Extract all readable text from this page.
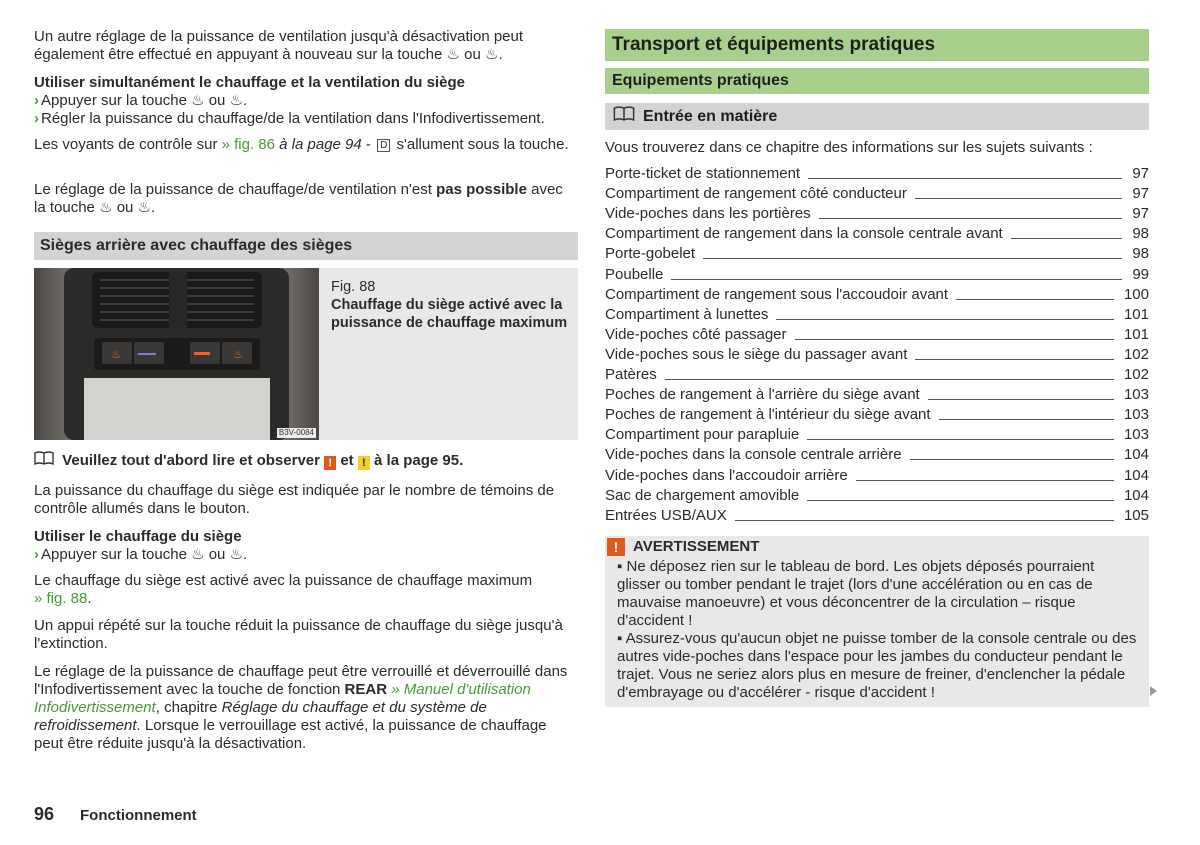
Un autre réglage de la puissance de ventilation jusqu'à désactivation peut également être effectué en appuyant à nouveau sur la touche ♨ ou ♨.

Utiliser simultanément le chauffage et la ventilation du siège

› Appuyer sur la touche ♨ ou ♨.

› Régler la puissance du chauffage/de la ventilation dans l'Infodivertissement.

Les voyants de contrôle sur » fig. 86 à la page 94 - D s'allument sous la touche.

Le réglage de la puissance de chauffage/de ventilation n'est pas possible avec la touche ♨ ou ♨.

Sièges arrière avec chauffage des sièges
♨	♨
Fig. 88
Chauffage du siège activé avec la puissance de chauffage maximum
B3V-0084

Veuillez tout d'abord lire et observer ! et ! à la page 95.

La puissance du chauffage du siège est indiquée par le nombre de témoins de contrôle allumés dans le bouton.

Utiliser le chauffage du siège

› Appuyer sur la touche ♨ ou ♨.

Le chauffage du siège est activé avec la puissance de chauffage maximum
» fig. 88.

Un appui répété sur la touche réduit la puissance de chauffage du siège jusqu'à l'extinction.

Le réglage de la puissance de chauffage peut être verrouillé et déverrouillé dans l'Infodivertissement avec la touche de fonction REAR » Manuel d'utilisation Infodivertissement, chapitre Réglage du chauffage et du système de refroidissement. Lorsque le verrouillage est activé, la puissance de chauffage peut être réduite jusqu'à la désactivation.

Transport et équipements pratiques
Equipements pratiques
Entrée en matière

Vous trouverez dans ce chapitre des informations sur les sujets suivants :

Porte-ticket de stationnement	97
Compartiment de rangement côté conducteur	97
Vide-poches dans les portières	97
Compartiment de rangement dans la console centrale avant	98
Porte-gobelet	98
Poubelle	99
Compartiment de rangement sous l'accoudoir avant	100
Compartiment à lunettes	101
Vide-poches côté passager	101
Vide-poches sous le siège du passager avant	102
Patères	102
Poches de rangement à l'arrière du siège avant	103
Poches de rangement à l'intérieur du siège avant	103
Compartiment pour parapluie	103
Vide-poches dans la console centrale arrière	104
Vide-poches dans l'accoudoir arrière	104
Sac de chargement amovible	104
Entrées USB/AUX	105
! AVERTISSEMENT

▪ Ne déposez rien sur le tableau de bord. Les objets déposés pourraient glisser ou tomber pendant le trajet (lors d'une accélération ou en cas de mauvaise manoeuvre) et vous déconcentrer de la circulation – risque d'accident !

▪ Assurez-vous qu'aucun objet ne puisse tomber de la console centrale ou des autres vide-poches dans l'espace pour les jambes du conducteur pendant le trajet. Vous ne seriez alors plus en mesure de freiner, d'enclencher la pédale d'embrayage ou d'accélérer - risque d'accident !

96 Fonctionnement
